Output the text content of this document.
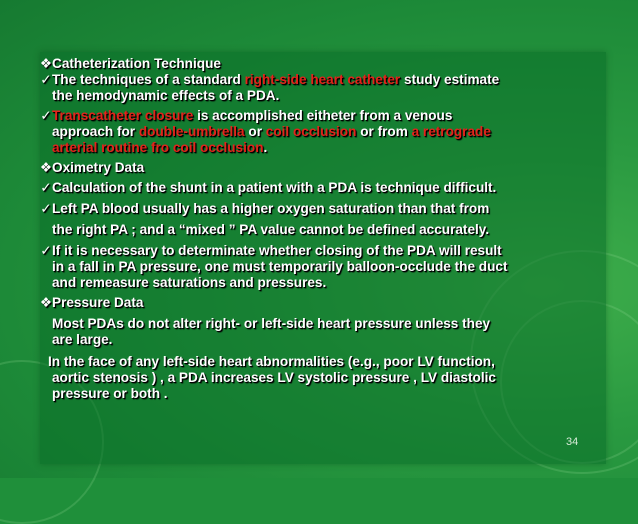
❖ Catheterization Technique
✓ The techniques of a standard right-side heart catheter study estimate
the hemodynamic effects of a PDA.
✓ Transcatheter closure is accomplished eitheter from a venous
approach for double-umbrella or coil occlusion or from a retrograde
arterial routine fro coil occlusion.
❖ Oximetry Data
✓ Calculation of the shunt in a patient with a PDA is technique difficult.
✓ Left PA blood usually has a higher oxygen saturation than that from
the right PA ; and a “mixed ” PA value cannot be defined accurately.
✓ If it is necessary to determinate whether closing of the PDA will result
in a fall in PA pressure, one must temporarily balloon-occlude the duct
and remeasure saturations and pressures.
❖ Pressure Data
Most PDAs do not alter right- or left-side heart pressure unless they
are large.
In the face of any left-side heart abnormalities (e.g., poor LV function,
aortic stenosis ) , a PDA increases LV systolic pressure , LV diastolic
pressure or both .
34
